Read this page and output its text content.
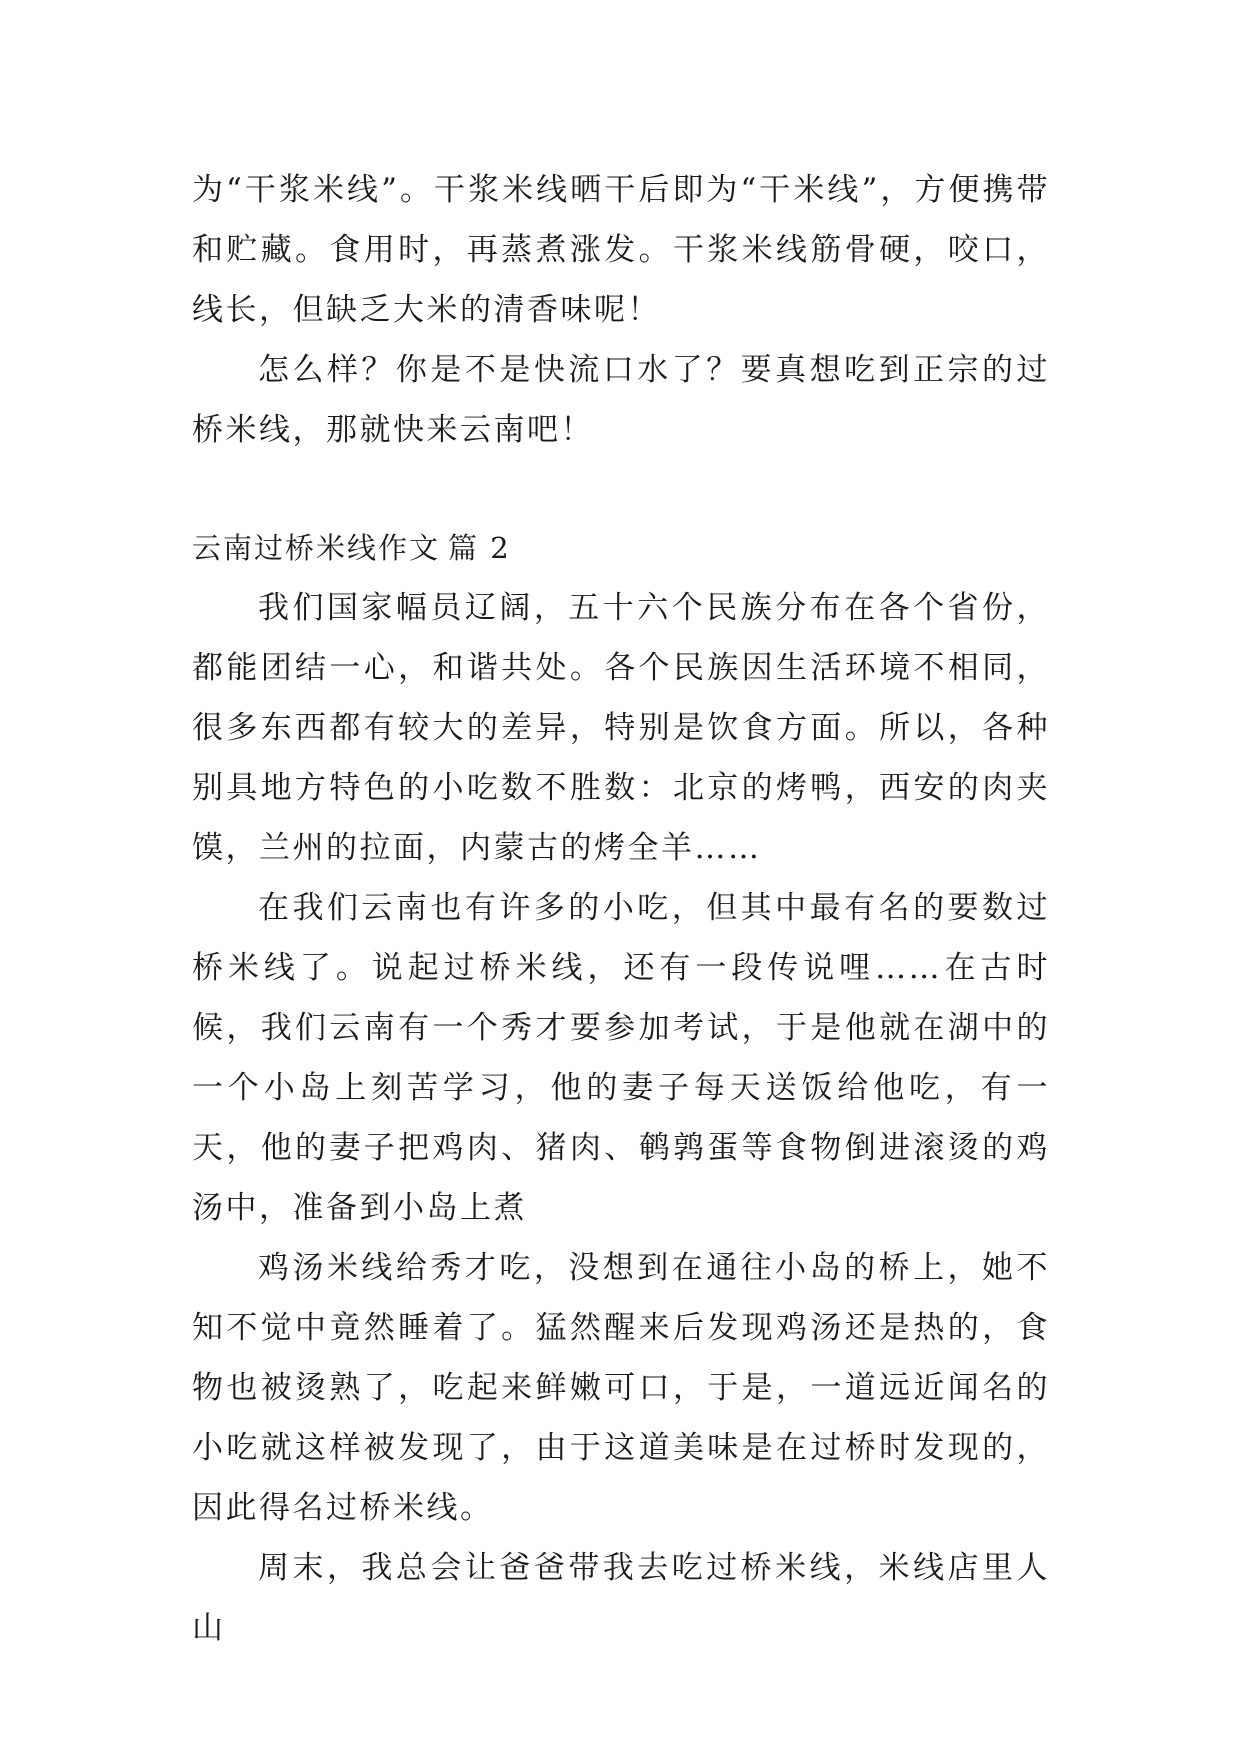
为“干浆米线”。干浆米线晒干后即为“干米线”，方便携带和贮藏。食用时，再蒸煮涨发。干浆米线筋骨硬，咬口，线长，但缺乏大米的清香味呢！

怎么样？你是不是快流口水了？要真想吃到正宗的过桥米线，那就快来云南吧！

云南过桥米线作文 篇 2

我们国家幅员辽阔，五十六个民族分布在各个省份，都能团结一心，和谐共处。各个民族因生活环境不相同，很多东西都有较大的差异，特别是饮食方面。所以，各种别具地方特色的小吃数不胜数：北京的烤鸭，西安的肉夹馍，兰州的拉面，内蒙古的烤全羊……

在我们云南也有许多的小吃，但其中最有名的要数过桥米线了。说起过桥米线，还有一段传说哩……在古时候，我们云南有一个秀才要参加考试，于是他就在湖中的一个小岛上刻苦学习，他的妻子每天送饭给他吃，有一天，他的妻子把鸡肉、猪肉、鹌鹑蛋等食物倒进滚烫的鸡汤中，准备到小岛上煮

鸡汤米线给秀才吃，没想到在通往小岛的桥上，她不知不觉中竟然睡着了。猛然醒来后发现鸡汤还是热的，食物也被烫熟了，吃起来鲜嫩可口，于是，一道远近闻名的小吃就这样被发现了，由于这道美味是在过桥时发现的，因此得名过桥米线。

周末，我总会让爸爸带我去吃过桥米线，米线店里人山
